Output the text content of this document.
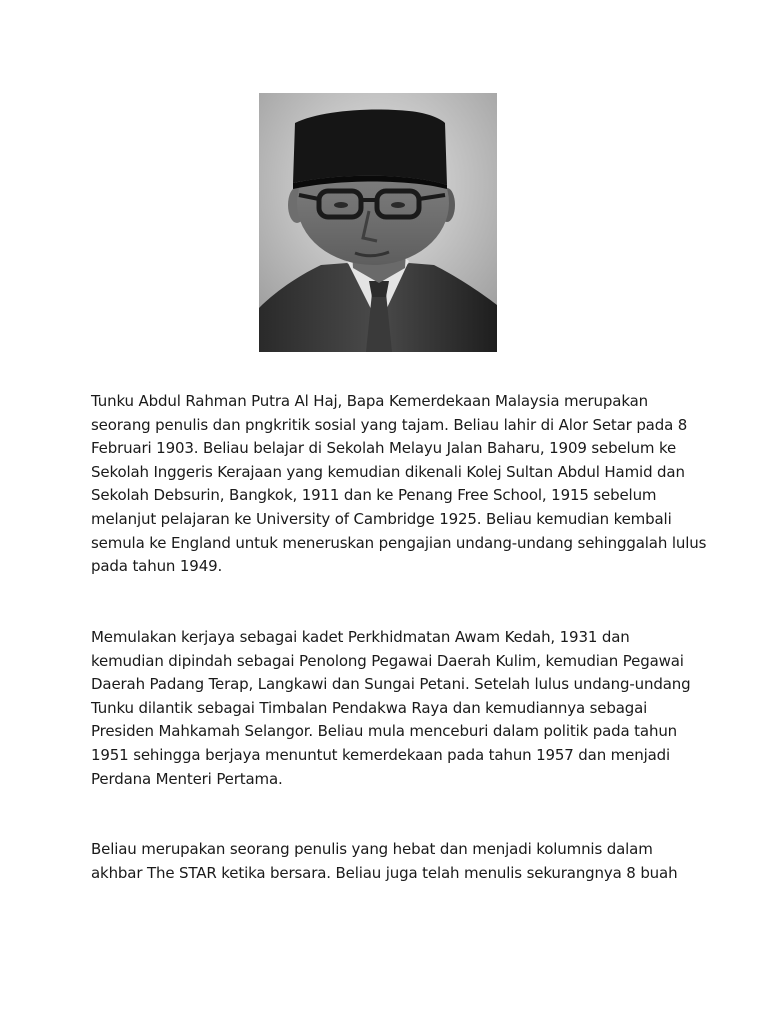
Tunku Abdul Rahman Putra Al Haj, Bapa Kemerdekaan Malaysia merupakan
seorang penulis dan pngkritik sosial yang tajam. Beliau lahir di Alor Setar pada 8
Februari 1903. Beliau belajar di Sekolah Melayu Jalan Baharu, 1909 sebelum ke
Sekolah Inggeris Kerajaan yang kemudian dikenali Kolej Sultan Abdul Hamid dan
Sekolah Debsurin, Bangkok, 1911 dan ke Penang Free School, 1915 sebelum
melanjut pelajaran ke University of Cambridge 1925. Beliau kemudian kembali
semula ke England untuk meneruskan pengajian undang-undang sehinggalah lulus
pada tahun 1949.

Memulakan kerjaya sebagai kadet Perkhidmatan Awam Kedah, 1931 dan
kemudian dipindah sebagai Penolong Pegawai Daerah Kulim, kemudian Pegawai
Daerah Padang Terap, Langkawi dan Sungai Petani. Setelah lulus undang-undang
Tunku dilantik sebagai Timbalan Pendakwa Raya dan kemudiannya sebagai
Presiden Mahkamah Selangor. Beliau mula menceburi dalam politik pada tahun
1951 sehingga berjaya menuntut kemerdekaan pada tahun 1957 dan menjadi
Perdana Menteri Pertama.

Beliau merupakan seorang penulis yang hebat dan menjadi kolumnis dalam
akhbar The STAR ketika bersara. Beliau juga telah menulis sekurangnya 8 buah
